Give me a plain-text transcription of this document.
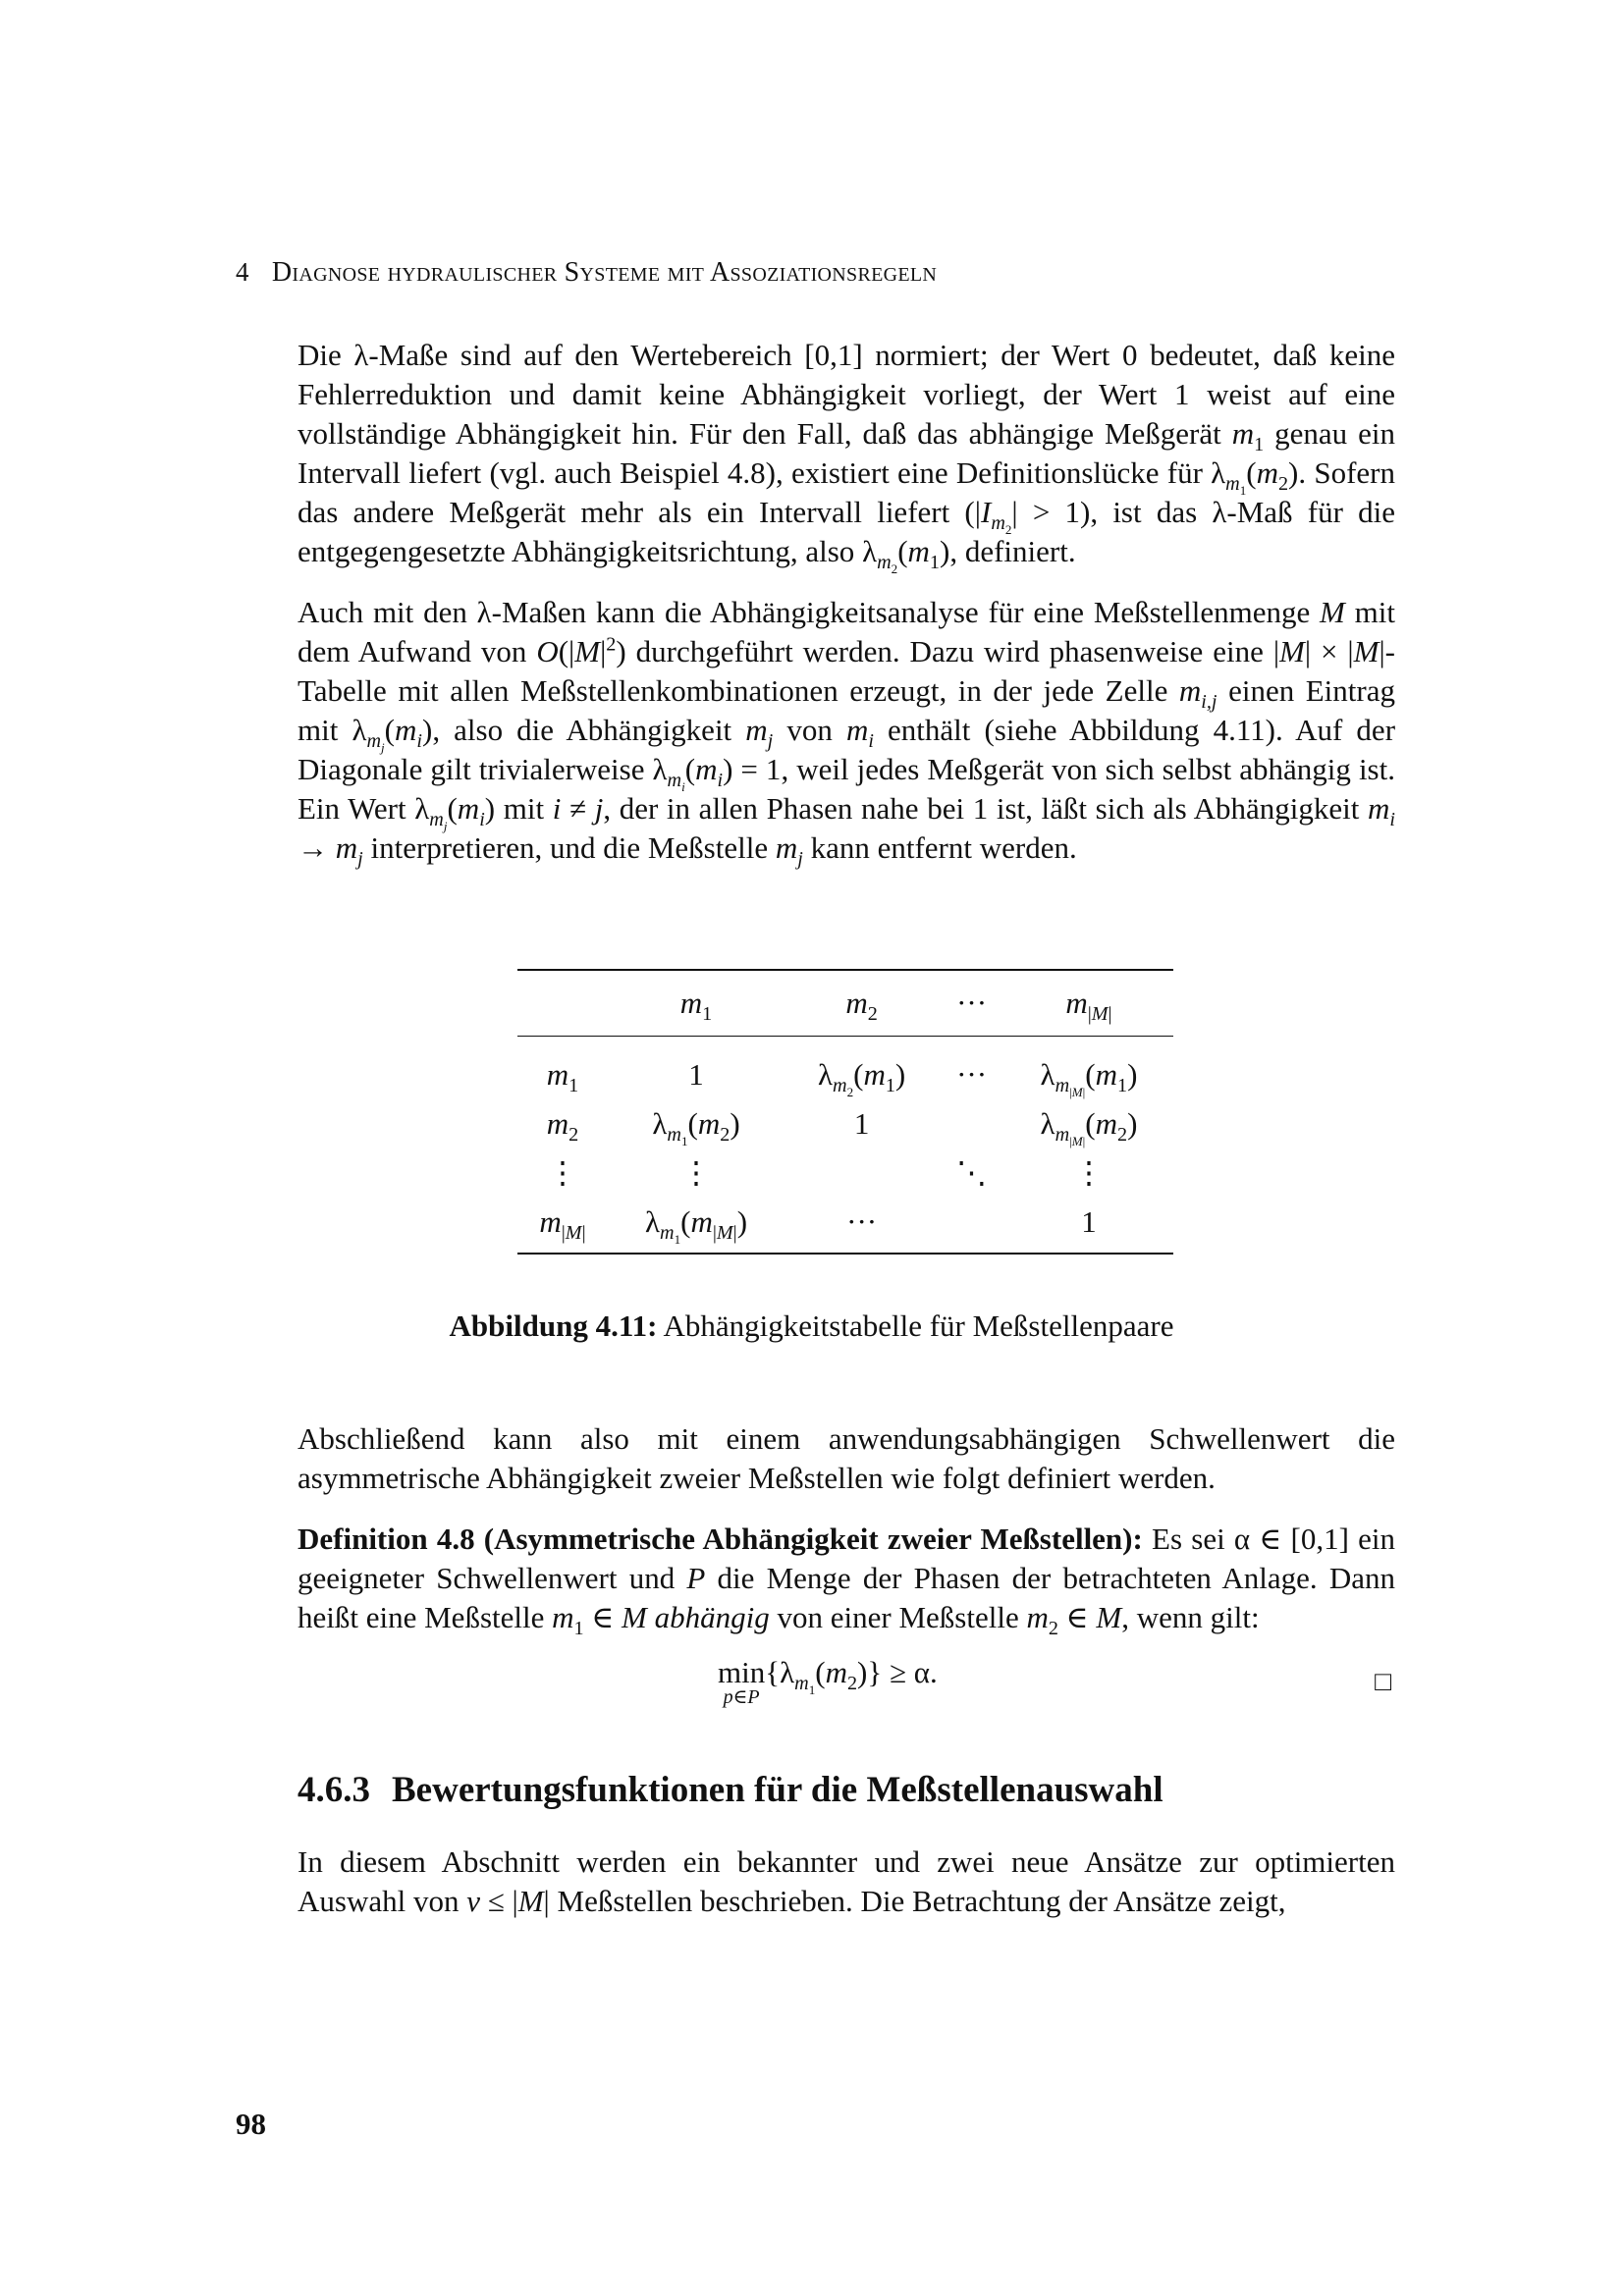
4 Diagnose hydraulischer Systeme mit Assoziationsregeln

Die λ-Maße sind auf den Wertebereich [0,1] normiert; der Wert 0 bedeutet, daß keine Fehlerreduktion und damit keine Abhängigkeit vorliegt, der Wert 1 weist auf eine vollständige Abhängigkeit hin. Für den Fall, daß das abhängige Meßgerät $m_1$ genau ein Intervall liefert (vgl. auch Beispiel 4.8), existiert eine Definitionslücke für $\lambda_{m_1}(m_2)$. Sofern das andere Meßgerät mehr als ein Intervall liefert $(|I_{m_2}| > 1)$, ist das λ-Maß für die entgegengesetzte Abhängigkeitsrichtung, also $\lambda_{m_2}(m_1)$, definiert.

Auch mit den λ-Maßen kann die Abhängigkeitsanalyse für eine Meßstellenmenge M mit dem Aufwand von $O(|M|^2)$ durchgeführt werden. Dazu wird phasenweise eine |M| × |M|-Tabelle mit allen Meßstellenkombinationen erzeugt, in der jede Zelle $m_{i,j}$ einen Eintrag mit $\lambda_{m_j}(m_i)$, also die Abhängigkeit $m_j$ von $m_i$ enthält (siehe Abbildung 4.11). Auf der Diagonale gilt trivialerweise $\lambda_{m_i}(m_i) = 1$, weil jedes Meßgerät von sich selbst abhängig ist. Ein Wert $\lambda_{m_j}(m_i)$ mit i ≠ j, der in allen Phasen nahe bei 1 ist, läßt sich als Abhängigkeit $m_i \to m_j$ interpretieren, und die Meßstelle $m_j$ kann entfernt werden.

	$m_1$	$m_2$	···	$m_{|M|}$
$m_1$	1	$\lambda_{m_2}(m_1)$	···	$\lambda_{m_{|M|}}(m_1)$
$m_2$	$\lambda_{m_1}(m_2)$	1		$\lambda_{m_{|M|}}(m_2)$
⋮	⋮		⋱	⋮
$m_{|M|}$	$\lambda_{m_1}(m_{|M|})$	···		1
Abbildung 4.11: Abhängigkeitstabelle für Meßstellenpaare

Abschließend kann also mit einem anwendungsabhängigen Schwellenwert die asymmetrische Abhängigkeit zweier Meßstellen wie folgt definiert werden.

Definition 4.8 (Asymmetrische Abhängigkeit zweier Meßstellen): Es sei α ∈ [0,1] ein geeigneter Schwellenwert und P die Menge der Phasen der betrachteten Anlage. Dann heißt eine Meßstelle $m_1$ ∈ M abhängig von einer Meßstelle $m_2$ ∈ M, wenn gilt:

min
p∈P
$\{\lambda_{m_1}(m_2)\} \ge \alpha$.	□
4.6.3 Bewertungsfunktionen für die Meßstellenauswahl

In diesem Abschnitt werden ein bekannter und zwei neue Ansätze zur optimierten Auswahl von v ≤ |M| Meßstellen beschrieben. Die Betrachtung der Ansätze zeigt,

98
